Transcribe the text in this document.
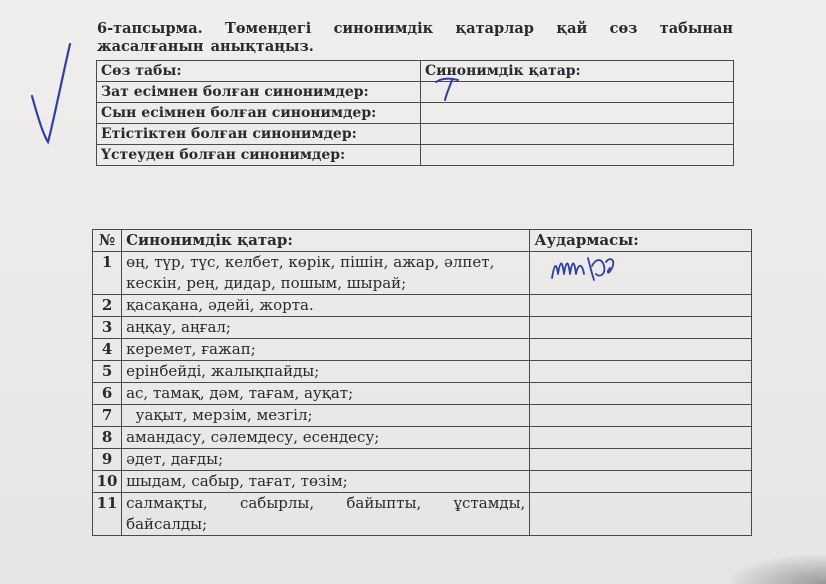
6-тапсырма. Төмендегі синонимдік қатарлар қай сөз табынан
жасалғанын анықтаңыз.
Сөз табы:	Синонимдік қатар:
Зат есімнен болған синонимдер:	
Сын есімнен болған синонимдер:	
Етістіктен болған синонимдер:	
Үстеуден болған синонимдер:	
№	Синонимдік қатар:	Аудармасы:
1	өң, түр, түс, келбет, көрік, пішін, ажар, әлпет, кескін, рең, дидар, пошым, шырай;	
2	қасақана, әдейі, жорта.	
3	аңқау, аңғал;	
4	керемет, ғажап;	
5	ерінбейді, жалықпайды;	
6	ас, тамақ, дәм, тағам, ауқат;	
7	уақыт, мерзім, мезгіл;	
8	амандасу, сәлемдесу, есендесу;	
9	әдет, дағды;	
10	шыдам, сабыр, тағат, төзім;	
11	салмақты, сабырлы, байыпты, ұстамды, байсалды;	
